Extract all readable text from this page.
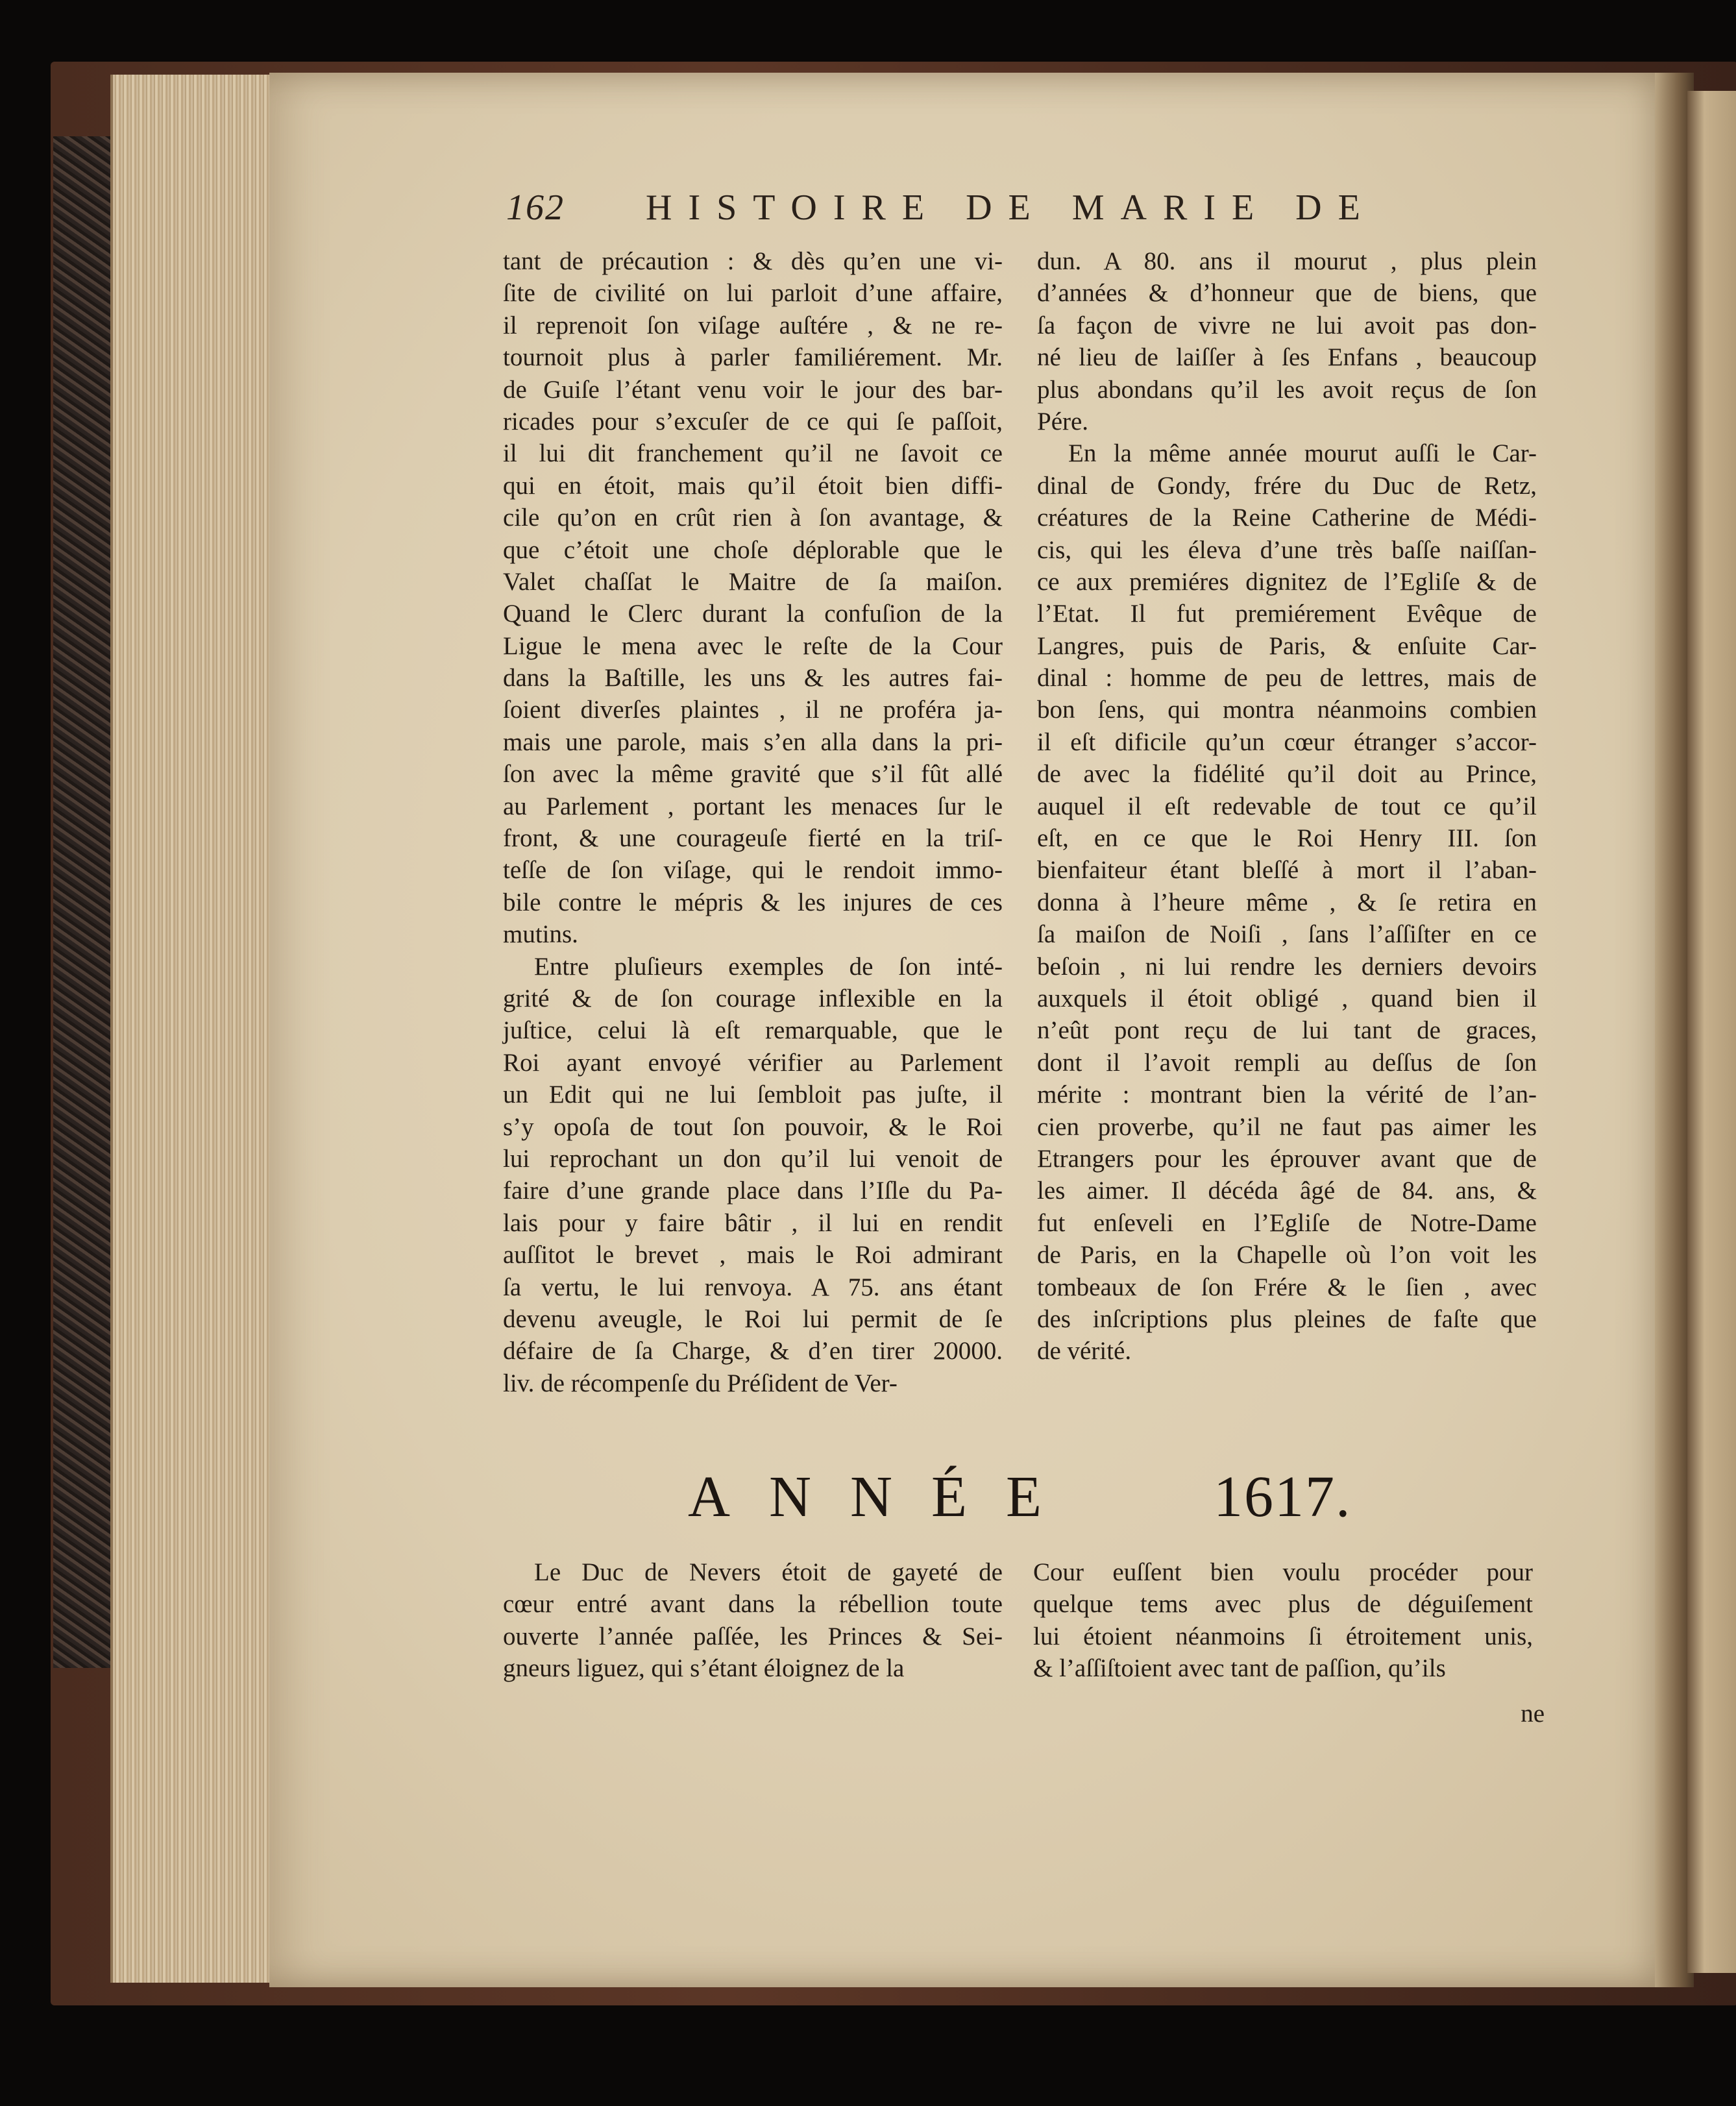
162 HISTOIRE DE MARIE DE
tant de précaution : & dès qu’en une vi-
ſite de civilité on lui parloit d’une affaire,
il reprenoit ſon viſage auſtére , & ne re-
tournoit plus à parler familiérement. Mr.
de Guiſe l’étant venu voir le jour des bar-
ricades pour s’excuſer de ce qui ſe paſſoit,
il lui dit franchement qu’il ne ſavoit ce
qui en étoit, mais qu’il étoit bien diffi-
cile qu’on en crût rien à ſon avantage, &
que c’étoit une choſe déplorable que le
Valet chaſſat le Maitre de ſa maiſon.
Quand le Clerc durant la confuſion de la
Ligue le mena avec le reſte de la Cour
dans la Baſtille, les uns & les autres fai-
ſoient diverſes plaintes , il ne proféra ja-
mais une parole, mais s’en alla dans la pri-
ſon avec la même gravité que s’il fût allé
au Parlement , portant les menaces ſur le
front, & une courageuſe fierté en la triſ-
teſſe de ſon viſage, qui le rendoit immo-
bile contre le mépris & les injures de ces
mutins.
Entre pluſieurs exemples de ſon inté-
grité & de ſon courage inflexible en la
juſtice, celui là eſt remarquable, que le
Roi ayant envoyé vérifier au Parlement
un Edit qui ne lui ſembloit pas juſte, il
s’y opoſa de tout ſon pouvoir, & le Roi
lui reprochant un don qu’il lui venoit de
faire d’une grande place dans l’Iſle du Pa-
lais pour y faire bâtir , il lui en rendit
auſſitot le brevet , mais le Roi admirant
ſa vertu, le lui renvoya. A 75. ans étant
devenu aveugle, le Roi lui permit de ſe
défaire de ſa Charge, & d’en tirer 20000.
liv. de récompenſe du Préſident de Ver-
dun. A 80. ans il mourut , plus plein
d’années & d’honneur que de biens, que
ſa façon de vivre ne lui avoit pas don-
né lieu de laiſſer à ſes Enfans , beaucoup
plus abondans qu’il les avoit reçus de ſon
Pére.
En la même année mourut auſſi le Car-
dinal de Gondy, frére du Duc de Retz,
créatures de la Reine Catherine de Médi-
cis, qui les éleva d’une très baſſe naiſſan-
ce aux premiéres dignitez de l’Egliſe & de
l’Etat. Il fut premiérement Evêque de
Langres, puis de Paris, & enſuite Car-
dinal : homme de peu de lettres, mais de
bon ſens, qui montra néanmoins combien
il eſt dificile qu’un cœur étranger s’accor-
de avec la fidélité qu’il doit au Prince,
auquel il eſt redevable de tout ce qu’il
eſt, en ce que le Roi Henry III. ſon
bienfaiteur étant bleſſé à mort il l’aban-
donna à l’heure même , & ſe retira en
ſa maiſon de Noiſi , ſans l’aſſiſter en ce
beſoin , ni lui rendre les derniers devoirs
auxquels il étoit obligé , quand bien il
n’eût pont reçu de lui tant de graces,
dont il l’avoit rempli au deſſus de ſon
mérite : montrant bien la vérité de l’an-
cien proverbe, qu’il ne faut pas aimer les
Etrangers pour les éprouver avant que de
les aimer. Il décéda âgé de 84. ans, &
fut enſeveli en l’Egliſe de Notre-Dame
de Paris, en la Chapelle où l’on voit les
tombeaux de ſon Frére & le ſien , avec
des inſcriptions plus pleines de faſte que
de vérité.
ANNÉE 1617.
Le Duc de Nevers étoit de gayeté de
cœur entré avant dans la rébellion toute
ouverte l’année paſſée, les Princes & Sei-
gneurs liguez, qui s’étant éloignez de la
Cour euſſent bien voulu procéder pour
quelque tems avec plus de déguiſement
lui étoient néanmoins ſi étroitement unis,
& l’aſſiſtoient avec tant de paſſion, qu’ils
ne
